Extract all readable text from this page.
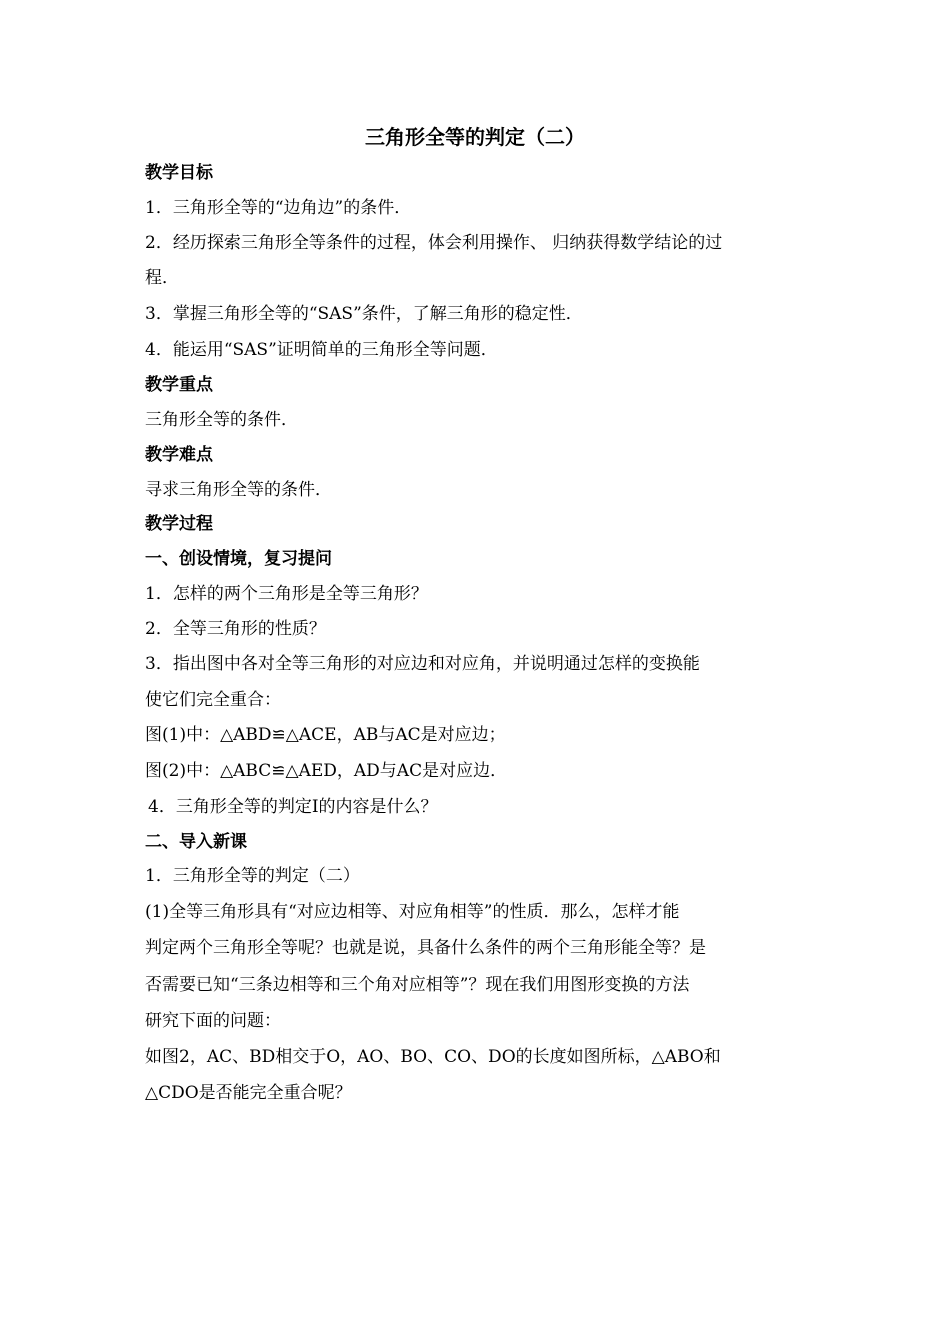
三角形全等的判定（二）
教学目标
1．三角形全等的“边角边”的条件．
2．经历探索三角形全等条件的过程，体会利用操作、 归纳获得数学结论的过
程．
3．掌握三角形全等的“SAS”条件，了解三角形的稳定性．
4．能运用“SAS”证明简单的三角形全等问题．
教学重点
三角形全等的条件．
教学难点
寻求三角形全等的条件．
教学过程
一、创设情境，复习提问
1．怎样的两个三角形是全等三角形？
2．全等三角形的性质？
3．指出图中各对全等三角形的对应边和对应角，并说明通过怎样的变换能
使它们完全重合：
图(1)中：△ABD≌△ACE，AB与AC是对应边；
图(2)中：△ABC≌△AED，AD与AC是对应边．
4．三角形全等的判定Ⅰ的内容是什么？
二、导入新课
1．三角形全等的判定（二）
(1)全等三角形具有“对应边相等、对应角相等”的性质．那么，怎样才能
判定两个三角形全等呢？也就是说，具备什么条件的两个三角形能全等？是
否需要已知“三条边相等和三个角对应相等”？现在我们用图形变换的方法
研究下面的问题：
如图2，AC、BD相交于O，AO、BO、CO、DO的长度如图所标，△ABO和
△CDO是否能完全重合呢？
